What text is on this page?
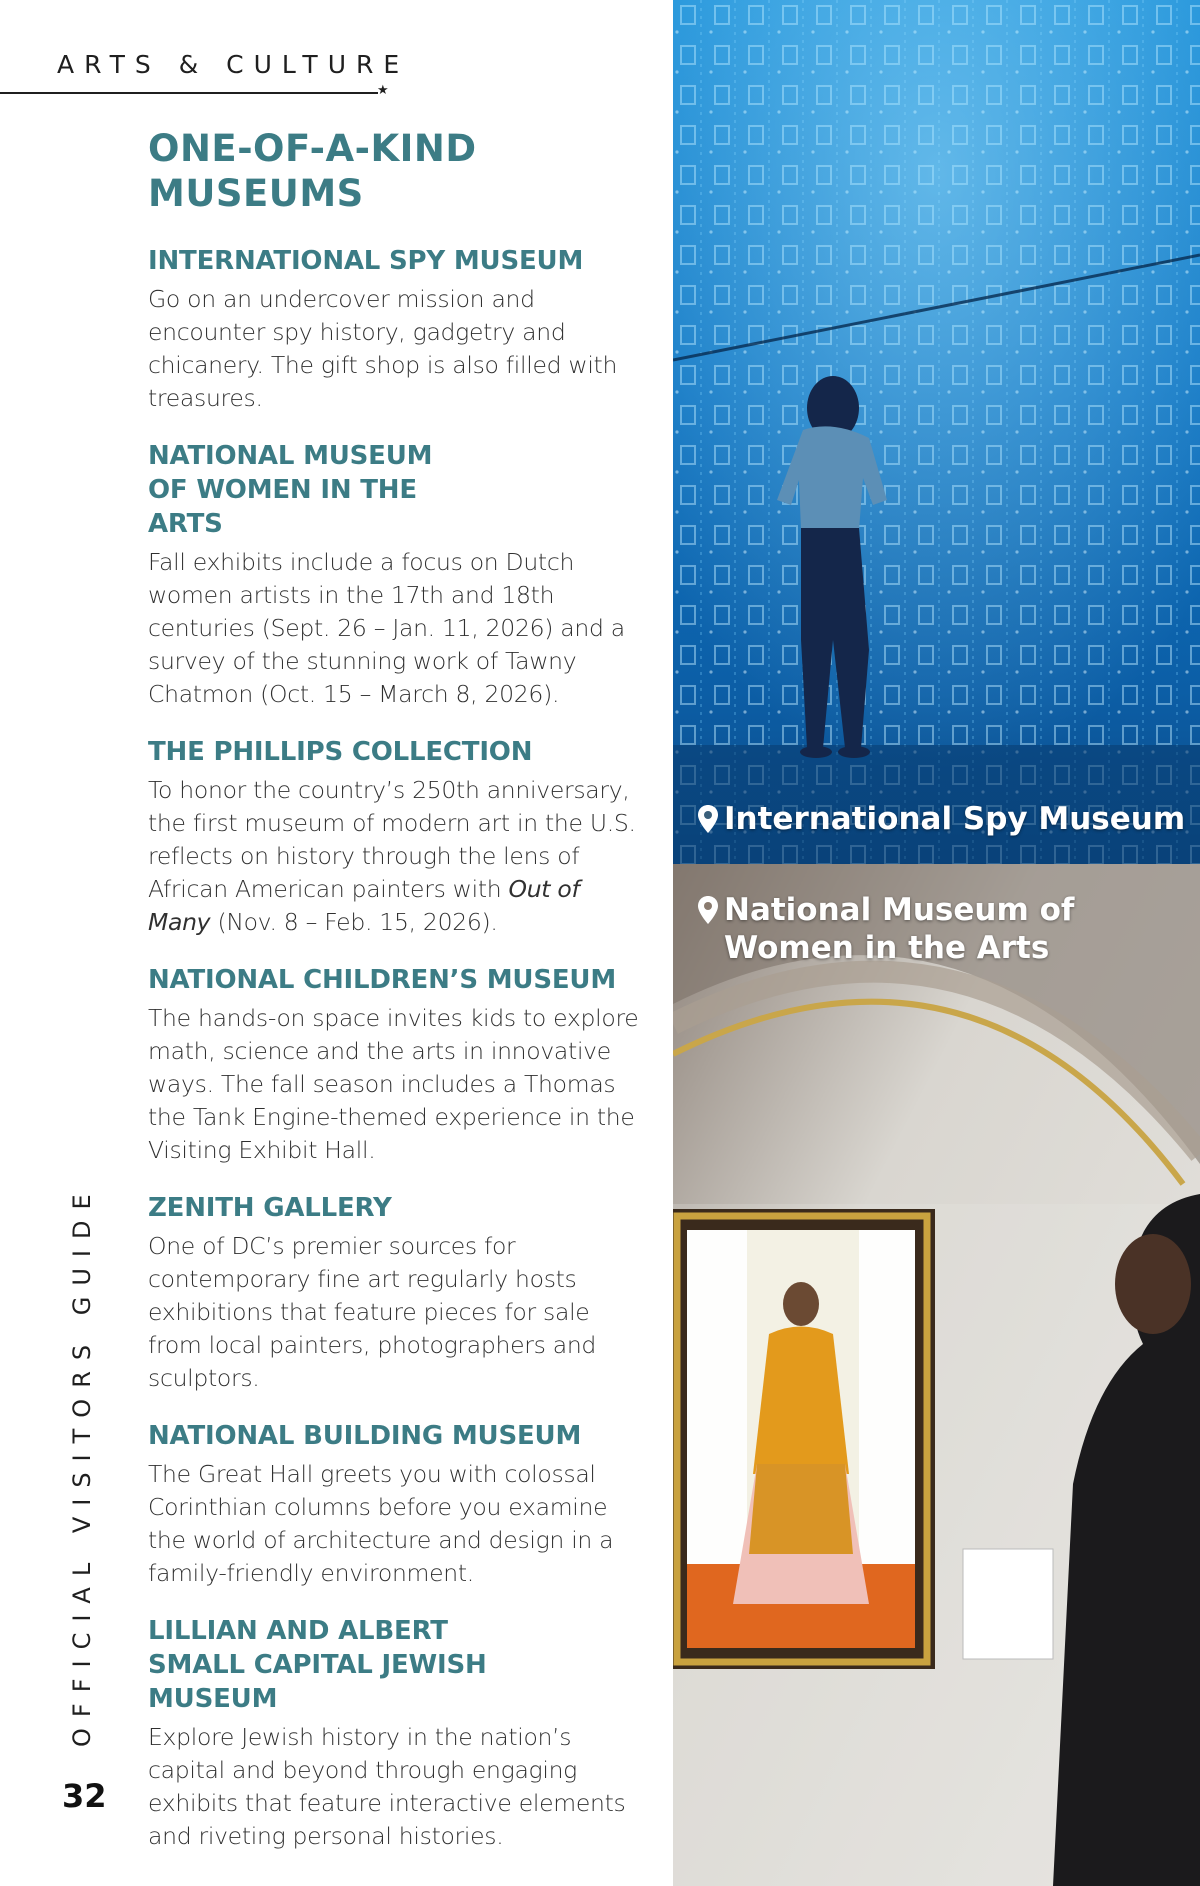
ARTS & CULTURE
★
ONE-OF-A-KIND
MUSEUMS
INTERNATIONAL SPY MUSEUM

Go on an undercover mission and encounter spy history, gadgetry and chicanery. The gift shop is also filled with treasures.

NATIONAL MUSEUM OF WOMEN IN THE ARTS

Fall exhibits include a focus on Dutch women artists in the 17th and 18th centuries (Sept. 26 – Jan. 11, 2026) and a survey of the stunning work of Tawny Chatmon (Oct. 15 – March 8, 2026).

THE PHILLIPS COLLECTION

To honor the country’s 250th anniversary, the first museum of modern art in the U.S. reflects on history through the lens of African American painters with Out of Many (Nov. 8 – Feb. 15, 2026).

NATIONAL CHILDREN’S MUSEUM

The hands-on space invites kids to explore math, science and the arts in innovative ways. The fall season includes a Thomas the Tank Engine-themed experience in the Visiting Exhibit Hall.

ZENITH GALLERY

One of DC’s premier sources for contemporary fine art regularly hosts exhibitions that feature pieces for sale from local painters, photographers and sculptors.

NATIONAL BUILDING MUSEUM

The Great Hall greets you with colossal Corinthian columns before you examine the world of architecture and design in a family-friendly environment.

LILLIAN AND ALBERT SMALL CAPITAL JEWISH MUSEUM

Explore Jewish history in the nation’s capital and beyond through engaging exhibits that feature interactive elements and riveting personal histories.

OFFICIAL VISITORS GUIDE
32
International Spy Museum
National Museum of
Women in the Arts
